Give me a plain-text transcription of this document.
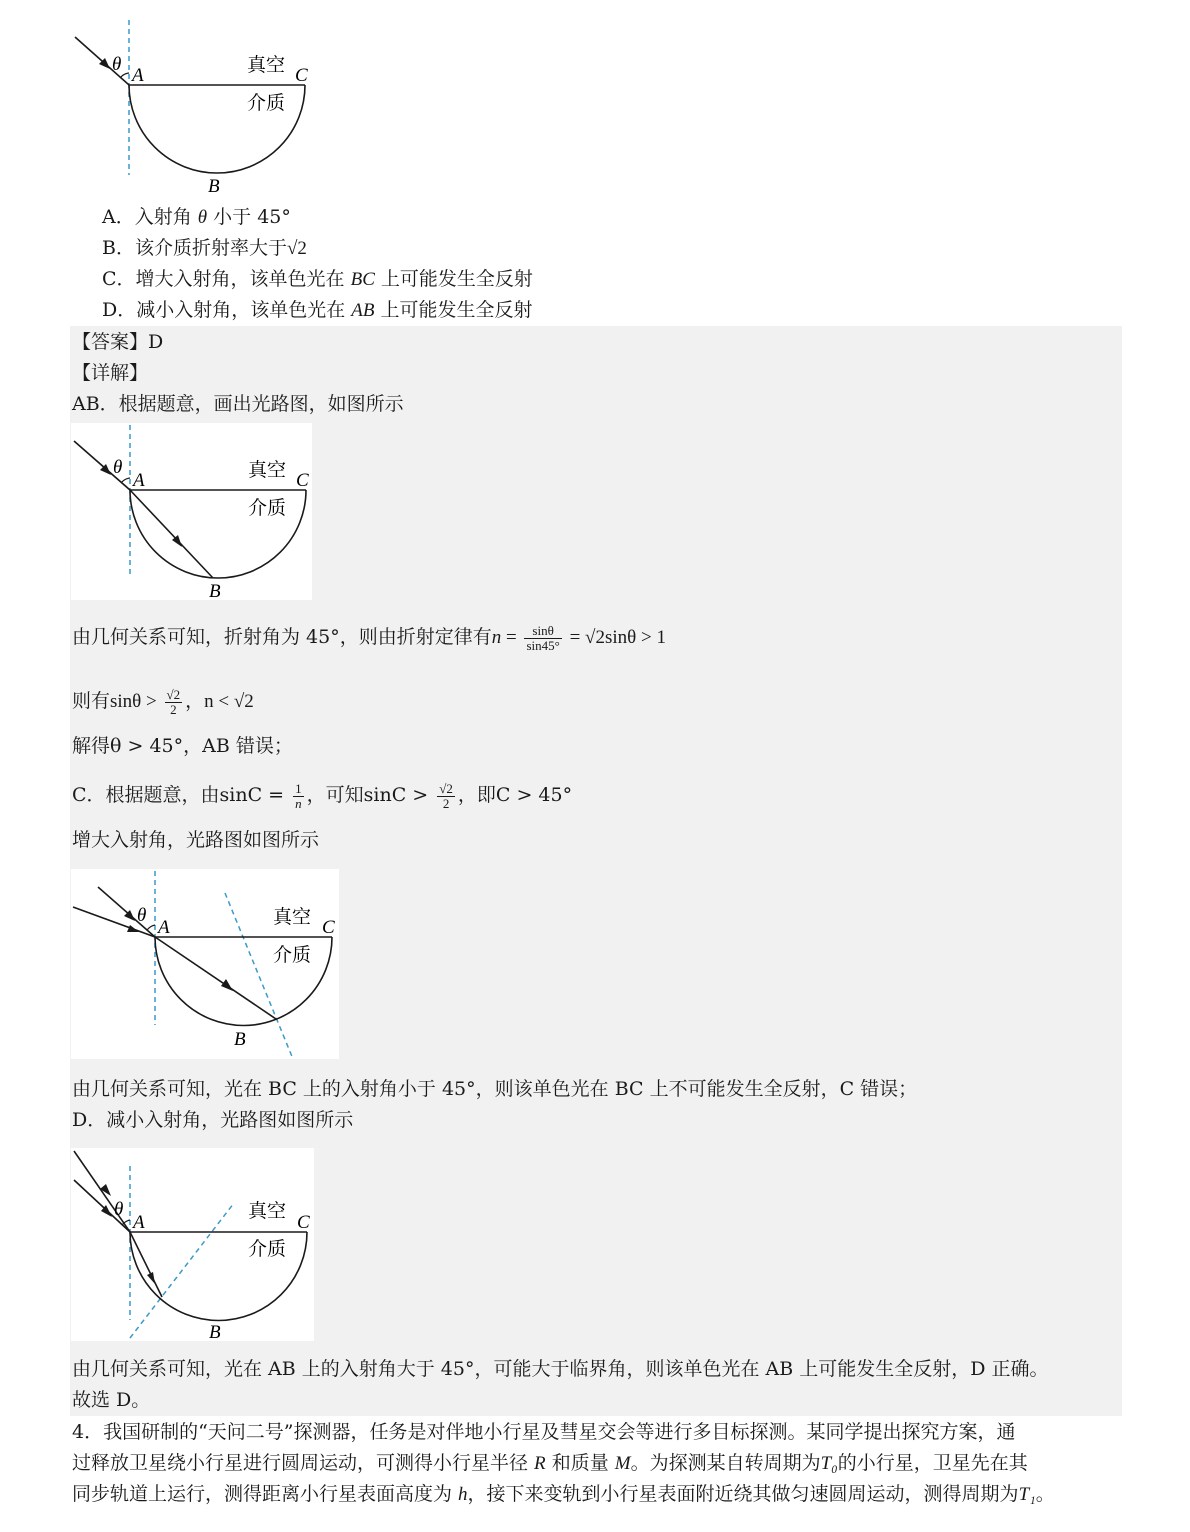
θ
A	C
B
真空
介质
A．入射角 θ 小于 45°
B．该介质折射率大于√2
C．增大入射角，该单色光在 BC 上可能发生全反射
D．减小入射角，该单色光在 AB 上可能发生全反射
【答案】D
【详解】
AB．根据题意，画出光路图，如图所示
θ
A	C
B
真空
介质
由几何关系可知，折射角为 45°，则由折射定律有$n = \frac{\sin\theta}{\sin 45^\circ} = √2\sin\theta > 1$
则有$\sin\theta > \frac{√2}{2}$ ，n < √2
解得θ > 45°，AB 错误；
C．根据题意，由$\sin C = \frac{1}{n}$ ，可知$\sin C > \frac{√2}{2}$ ，即C > 45°
增大入射角，光路图如图所示
θ
A	C
B
真空
介质
由几何关系可知，光在 BC 上的入射角小于 45°，则该单色光在 BC 上不可能发生全反射，C 错误；
D．减小入射角，光路图如图所示
θ
A	C
B
真空
介质
由几何关系可知，光在 AB 上的入射角大于 45°，可能大于临界角，则该单色光在 AB 上可能发生全反射，D 正确。
故选 D。
4．我国研制的“天问二号”探测器，任务是对伴地小行星及彗星交会等进行多目标探测。某同学提出探究方案，通
过释放卫星绕小行星进行圆周运动，可测得小行星半径 R 和质量 M。为探测某自转周期为T₀的小行星，卫星先在其
同步轨道上运行，测得距离小行星表面高度为 h，接下来变轨到小行星表面附近绕其做匀速圆周运动，测得周期为T₁。
